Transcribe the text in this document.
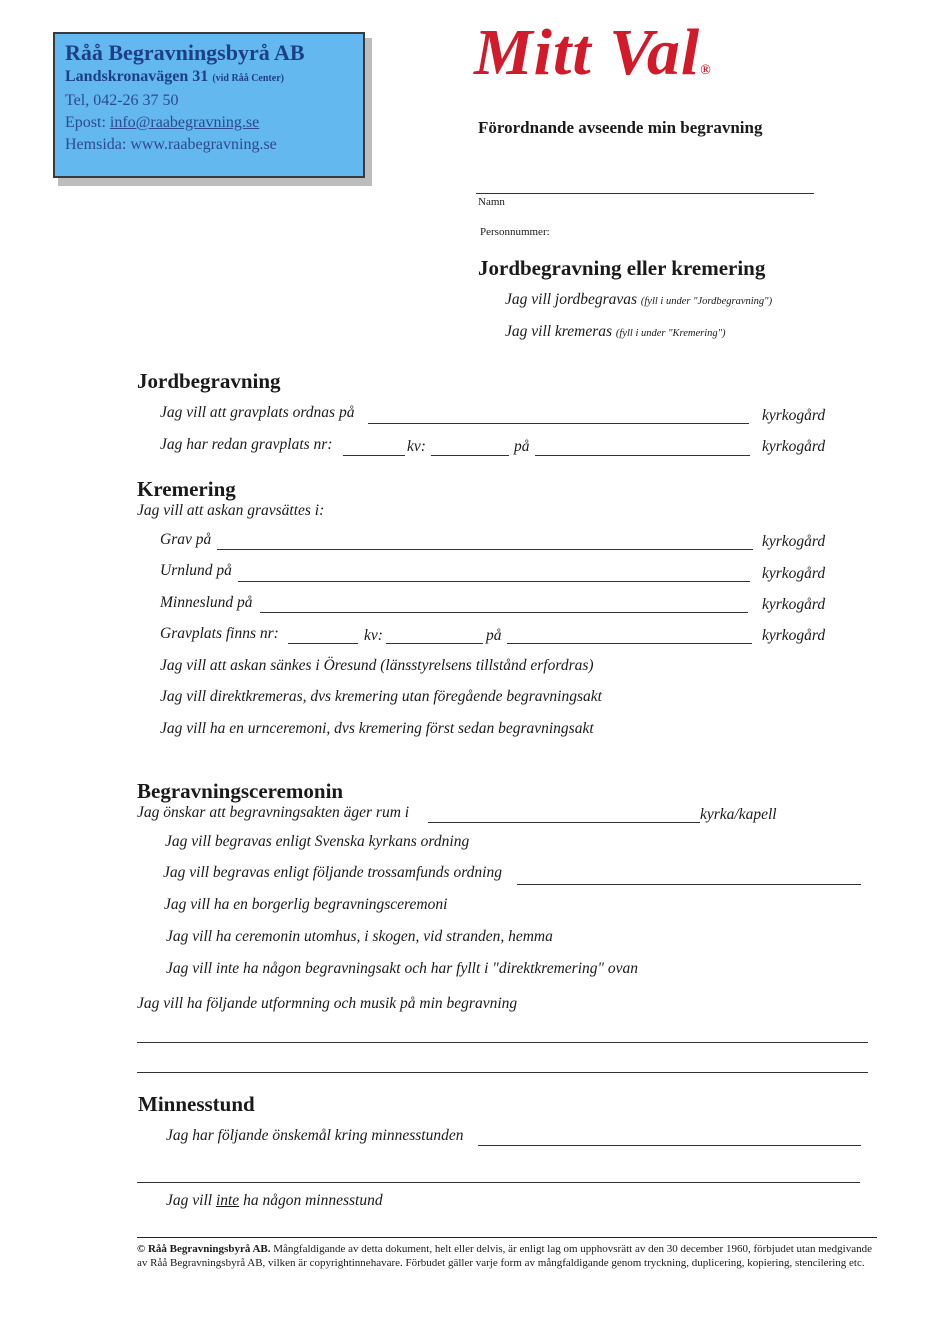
Råå Begravningsbyrå AB
Landskronavägen 31 (vid Råå Center)
Tel, 042-26 37 50
Epost: info@raabegravning.se
Hemsida: www.raabegravning.se
Mitt Val®
Förordnande avseende min begravning
Namn
Personnummer:
Jordbegravning eller kremering
Jag vill jordbegravas (fyll i under "Jordbegravning")
Jag vill kremeras (fyll i under "Kremering")
Jordbegravning
Jag vill att gravplats ordnas på	kyrkogård
Jag har redan gravplats nr:	kv:	på	kyrkogård
Kremering
Jag vill att askan gravsättes i:
Grav på	kyrkogård
Urnlund på	kyrkogård
Minneslund på	kyrkogård
Gravplats finns nr:	kv:	på	kyrkogård
Jag vill att askan sänkes i Öresund (länsstyrelsens tillstånd erfordras)
Jag vill direktkremeras, dvs kremering utan föregående begravningsakt
Jag vill ha en urnceremoni, dvs kremering först sedan begravningsakt
Begravningsceremonin
Jag önskar att begravningsakten äger rum i	kyrka/kapell
Jag vill begravas enligt Svenska kyrkans ordning
Jag vill begravas enligt följande trossamfunds ordning
Jag vill ha en borgerlig begravningsceremoni
Jag vill ha ceremonin utomhus, i skogen, vid stranden, hemma
Jag vill inte ha någon begravningsakt och har fyllt i "direktkremering" ovan
Jag vill ha följande utformning och musik på min begravning
Minnesstund
Jag har följande önskemål kring minnesstunden
Jag vill inte ha någon minnesstund
© Råå Begravningsbyrå AB. Mångfaldigande av detta dokument, helt eller delvis, är enligt lag om upphovsrätt av den 30 december 1960, förbjudet utan medgivande av Råå Begravningsbyrå AB, vilken är copyrightinnehavare. Förbudet gäller varje form av mångfaldigande genom tryckning, duplicering, kopiering, stencilering etc.
